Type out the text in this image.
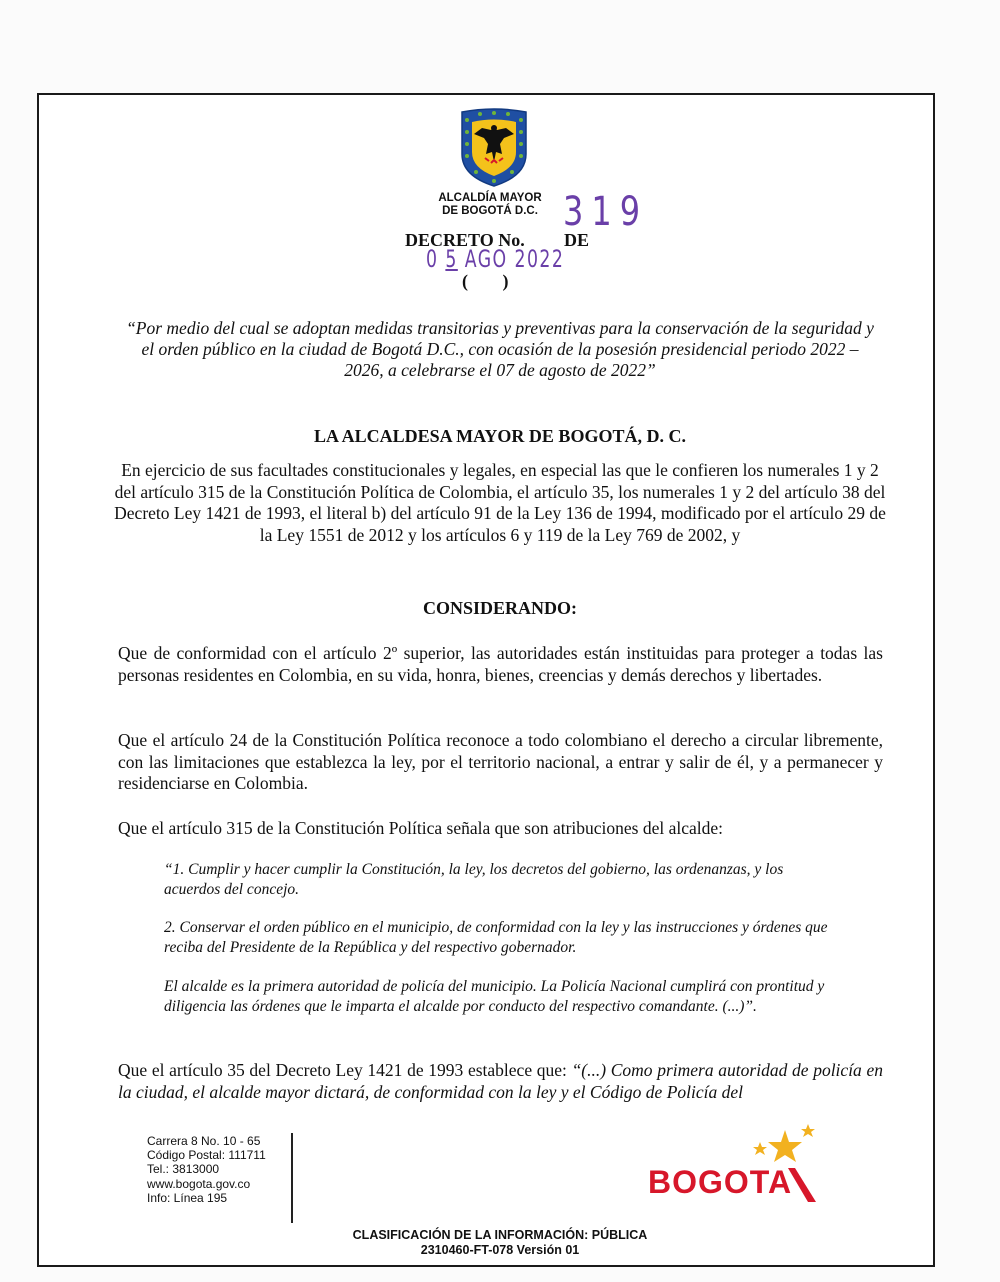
ALCALDÍA MAYOR
DE BOGOTÁ D.C. 319
DECRETO No. DE
0 5 AGO 2022
( )
“Por medio del cual se adoptan medidas transitorias y preventivas para la conservación de la seguridad y el orden público en la ciudad de Bogotá D.C., con ocasión de la posesión presidencial periodo 2022 – 2026, a celebrarse el 07 de agosto de 2022”
LA ALCALDESA MAYOR DE BOGOTÁ, D. C.
En ejercicio de sus facultades constitucionales y legales, en especial las que le confieren los numerales 1 y 2 del artículo 315 de la Constitución Política de Colombia, el artículo 35, los numerales 1 y 2 del artículo 38 del Decreto Ley 1421 de 1993, el literal b) del artículo 91 de la Ley 136 de 1994, modificado por el artículo 29 de la Ley 1551 de 2012 y los artículos 6 y 119 de la Ley 769 de 2002, y
CONSIDERANDO:
Que de conformidad con el artículo 2º superior, las autoridades están instituidas para proteger a todas las personas residentes en Colombia, en su vida, honra, bienes, creencias y demás derechos y libertades.
Que el artículo 24 de la Constitución Política reconoce a todo colombiano el derecho a circular libremente, con las limitaciones que establezca la ley, por el territorio nacional, a entrar y salir de él, y a permanecer y residenciarse en Colombia.
Que el artículo 315 de la Constitución Política señala que son atribuciones del alcalde:
“1. Cumplir y hacer cumplir la Constitución, la ley, los decretos del gobierno, las ordenanzas, y los acuerdos del concejo.
2. Conservar el orden público en el municipio, de conformidad con la ley y las instrucciones y órdenes que reciba del Presidente de la República y del respectivo gobernador.
El alcalde es la primera autoridad de policía del municipio. La Policía Nacional cumplirá con prontitud y diligencia las órdenes que le imparta el alcalde por conducto del respectivo comandante. (...)”.
Que el artículo 35 del Decreto Ley 1421 de 1993 establece que: “(...) Como primera autoridad de policía en la ciudad, el alcalde mayor dictará, de conformidad con la ley y el Código de Policía del
Carrera 8 No. 10 - 65
Código Postal: 111711
Tel.: 3813000
www.bogota.gov.co
Info: Línea 195	BOGOTA
CLASIFICACIÓN DE LA INFORMACIÓN: PÚBLICA
2310460-FT-078 Versión 01
